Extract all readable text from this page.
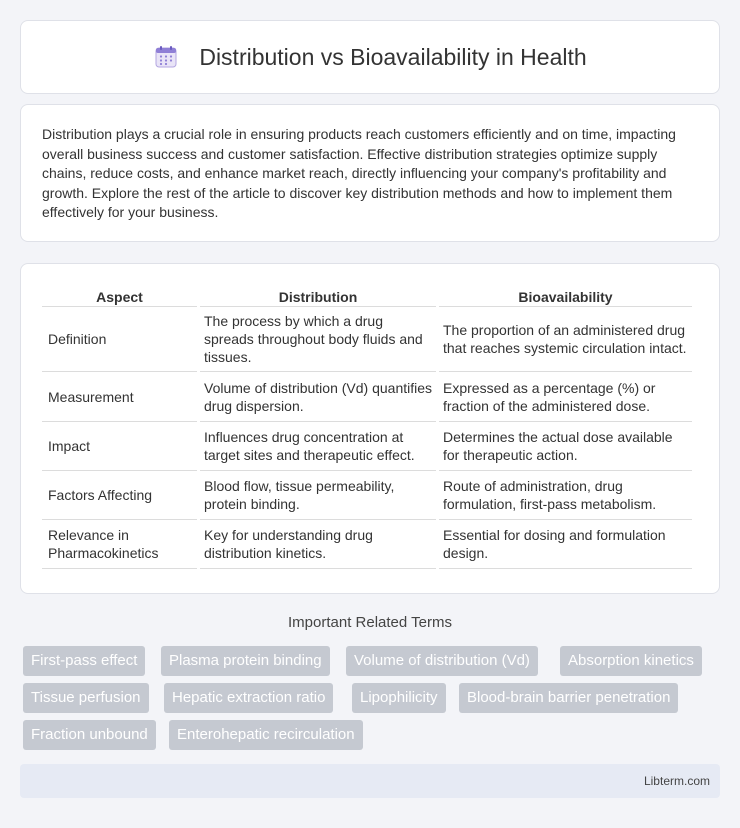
Distribution vs Bioavailability in Health

Distribution plays a crucial role in ensuring products reach customers efficiently and on time, impacting overall business success and customer satisfaction. Effective distribution strategies optimize supply chains, reduce costs, and enhance market reach, directly influencing your company's profitability and growth. Explore the rest of the article to discover key distribution methods and how to implement them effectively for your business.

Aspect	Distribution	Bioavailability
Definition	The process by which a drug spreads throughout body fluids and tissues.	The proportion of an administered drug that reaches systemic circulation intact.
Measurement	Volume of distribution (Vd) quantifies drug dispersion.	Expressed as a percentage (%) or fraction of the administered dose.
Impact	Influences drug concentration at target sites and therapeutic effect.	Determines the actual dose available for therapeutic action.
Factors Affecting	Blood flow, tissue permeability, protein binding.	Route of administration, drug formulation, first-pass metabolism.
Relevance in Pharmacokinetics	Key for understanding drug distribution kinetics.	Essential for dosing and formulation design.
Important Related Terms
First-pass effect	Plasma protein binding	Volume of distribution (Vd)	Absorption kinetics
Tissue perfusion	Hepatic extraction ratio	Lipophilicity	Blood-brain barrier penetration
Fraction unbound	Enterohepatic recirculation
Libterm.com
